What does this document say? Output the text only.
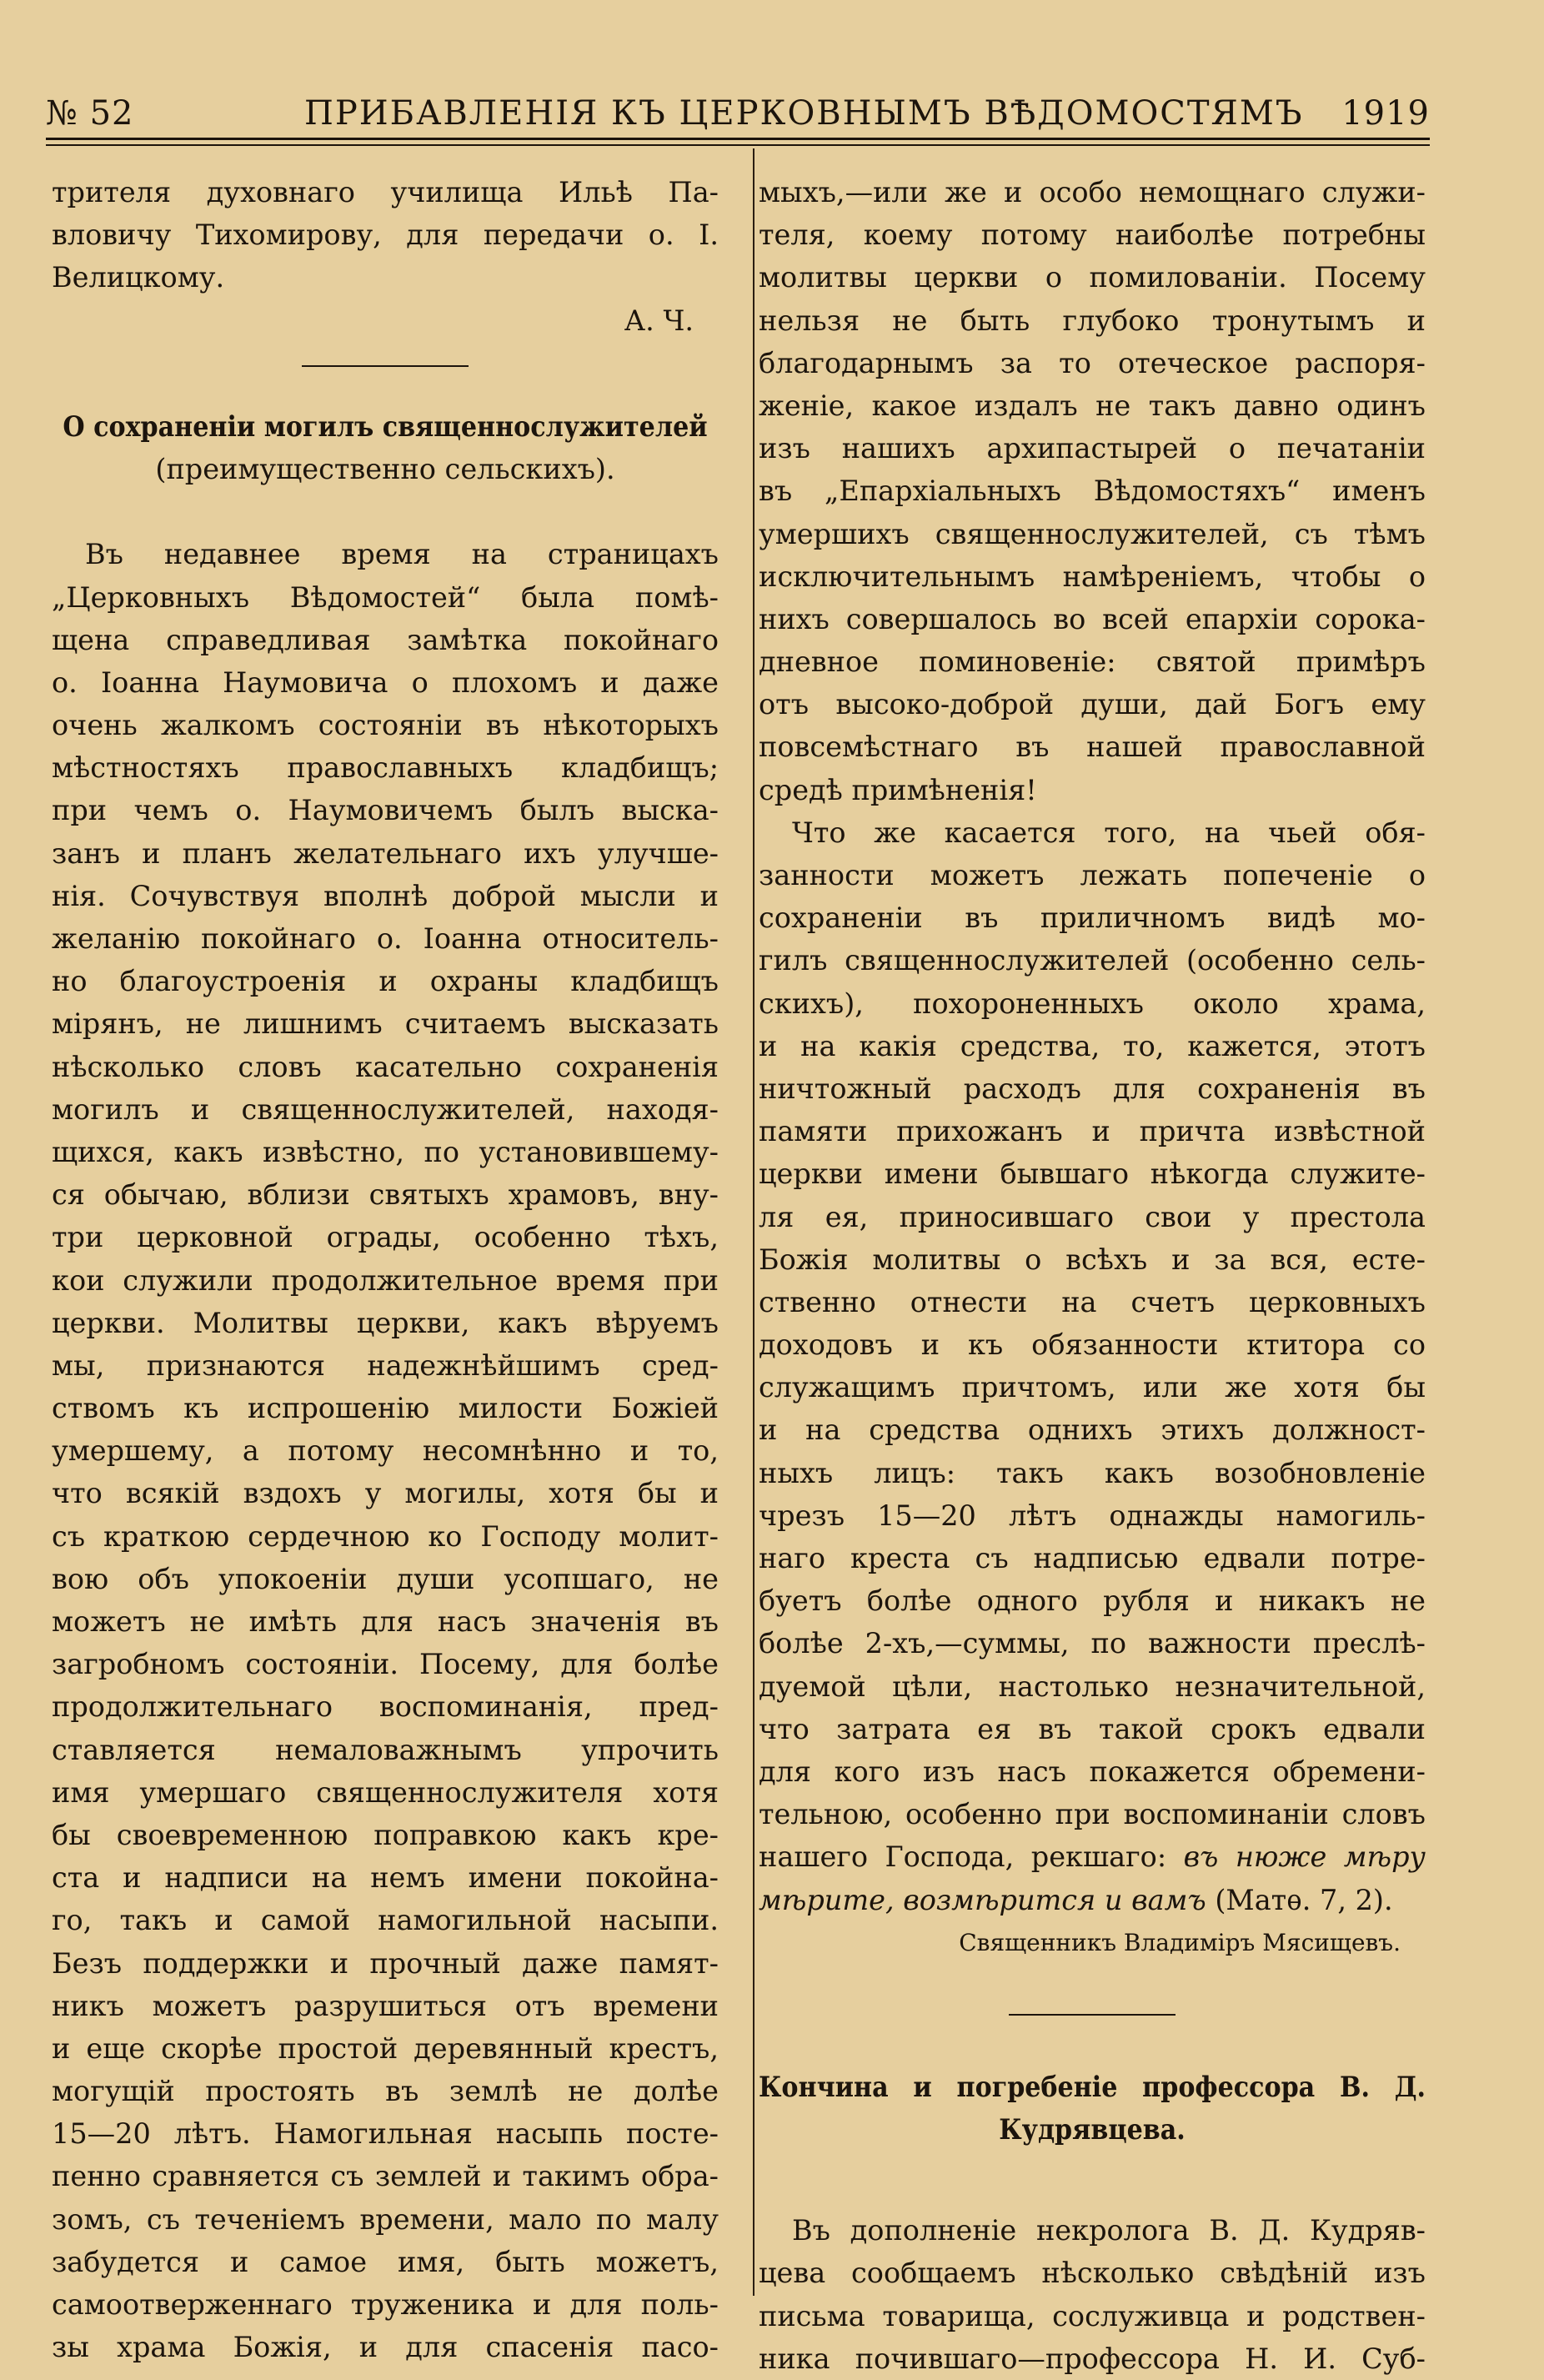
№ 52	ПРИБАВЛЕНІЯ КЪ ЦЕРКОВНЫМЪ ВѢДОМОСТЯМЪ 1919
трителя духовнаго училища Ильѣ Па-
вловичу Тихомирову, для передачи о. І.
Велицкому.
А. Ч.
О сохраненіи могилъ священнослужителей
(преимущественно сельскихъ).
Въ недавнее время на страницахъ
„Церковныхъ Вѣдомостей“ была помѣ-
щена справедливая замѣтка покойнаго
о. Іоанна Наумовича о плохомъ и даже
очень жалкомъ состояніи въ нѣкоторыхъ
мѣстностяхъ православныхъ кладбищъ;
при чемъ о. Наумовичемъ былъ выска-
занъ и планъ желательнаго ихъ улучше-
нія. Сочувствуя вполнѣ доброй мысли и
желанію покойнаго о. Іоанна относитель-
но благоустроенія и охраны кладбищъ
мірянъ, не лишнимъ считаемъ высказать
нѣсколько словъ касательно сохраненія
могилъ и священнослужителей, находя-
щихся, какъ извѣстно, по установившему-
ся обычаю, вблизи святыхъ храмовъ, вну-
три церковной ограды, особенно тѣхъ,
кои служили продолжительное время при
церкви. Молитвы церкви, какъ вѣруемъ
мы, признаются надежнѣйшимъ сред-
ствомъ къ испрошенію милости Божіей
умершему, а потому несомнѣнно и то,
что всякій вздохъ у могилы, хотя бы и
съ краткою сердечною ко Господу молит-
вою объ упокоеніи души усопшаго, не
можетъ не имѣть для насъ значенія въ
загробномъ состояніи. Посему, для болѣе
продолжительнаго воспоминанія, пред-
ставляется немаловажнымъ упрочить
имя умершаго священнослужителя хотя
бы своевременною поправкою какъ кре-
ста и надписи на немъ имени покойна-
го, такъ и самой намогильной насыпи.
Безъ поддержки и прочный даже памят-
никъ можетъ разрушиться отъ времени
и еще скорѣе простой деревянный крестъ,
могущій простоять въ землѣ не долѣе
15—20 лѣтъ. Намогильная насыпь посте-
пенно сравняется съ землей и такимъ обра-
зомъ, съ теченіемъ времени, мало по малу
забудется и самое имя, быть можетъ,
самоотверженнаго труженика и для поль-
зы храма Божія, и для спасенія пасо-
мыхъ,—или же и особо немощнаго служи-
теля, коему потому наиболѣе потребны
молитвы церкви о помилованіи. Посему
нельзя не быть глубоко тронутымъ и
благодарнымъ за то отеческое распоря-
женіе, какое издалъ не такъ давно одинъ
изъ нашихъ архипастырей о печатаніи
въ „Епархіальныхъ Вѣдомостяхъ“ именъ
умершихъ священнослужителей, съ тѣмъ
исключительнымъ намѣреніемъ, чтобы о
нихъ совершалось во всей епархіи сорока-
дневное поминовеніе: святой примѣръ
отъ высоко-доброй души, дай Богъ ему
повсемѣстнаго въ нашей православной
средѣ примѣненія!
Что же касается того, на чьей обя-
занности можетъ лежать попеченіе о
сохраненіи въ приличномъ видѣ мо-
гилъ священнослужителей (особенно сель-
скихъ), похороненныхъ около храма,
и на какія средства, то, кажется, этотъ
ничтожный расходъ для сохраненія въ
памяти прихожанъ и причта извѣстной
церкви имени бывшаго нѣкогда служите-
ля ея, приносившаго свои у престола
Божія молитвы о всѣхъ и за вся, есте-
ственно отнести на счетъ церковныхъ
доходовъ и къ обязанности ктитора со
служащимъ причтомъ, или же хотя бы
и на средства однихъ этихъ должност-
ныхъ лицъ: такъ какъ возобновленіе
чрезъ 15—20 лѣтъ однажды намогиль-
наго креста съ надписью едвали потре-
буетъ болѣе одного рубля и никакъ не
болѣе 2-хъ,—суммы, по важности преслѣ-
дуемой цѣли, настолько незначительной,
что затрата ея въ такой срокъ едвали
для кого изъ насъ покажется обремени-
тельною, особенно при воспоминаніи словъ
нашего Господа, рекшаго: въ нюже мѣру
мѣрите, возмѣрится и вамъ (Матѳ. 7, 2).
Священникъ Владиміръ Мясищевъ.
Кончина и погребеніе профессора В. Д.
Кудрявцева.
Въ дополненіе некролога В. Д. Кудряв-
цева сообщаемъ нѣсколько свѣдѣній изъ
письма товарища, сослуживца и родствен-
ника почившаго—профессора Н. И. Суб-
